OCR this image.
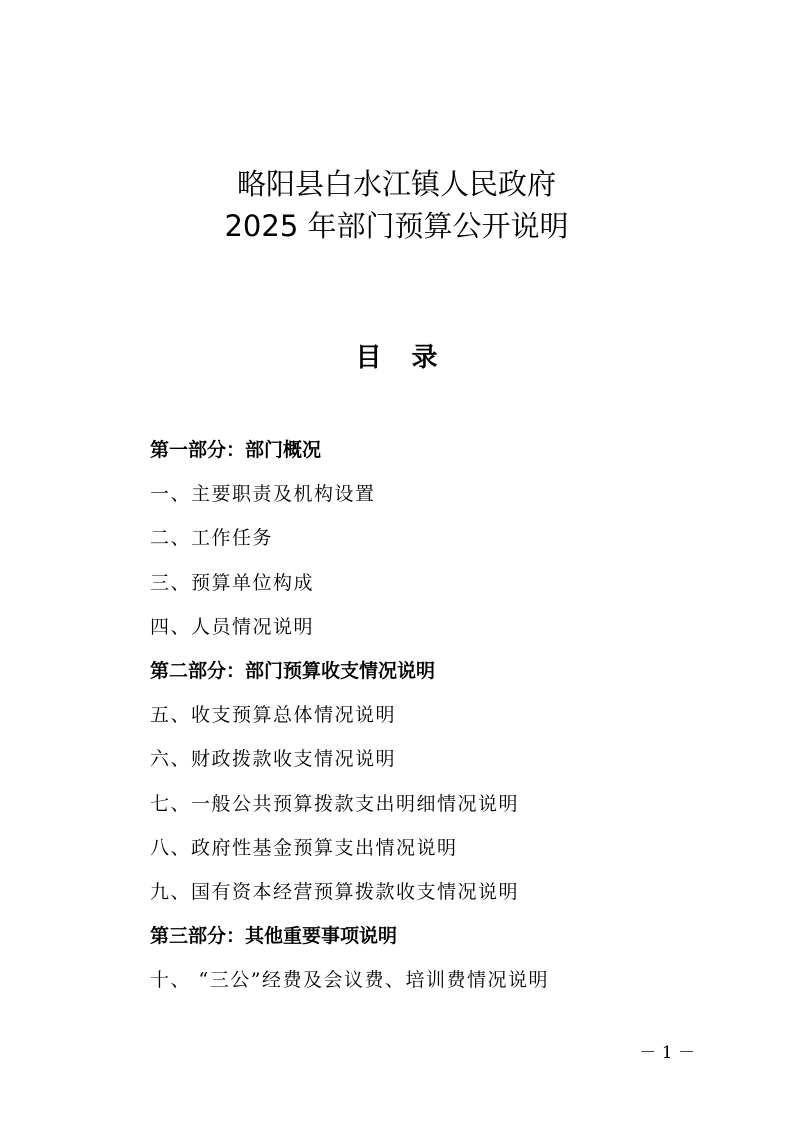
略阳县白水江镇人民政府
2025 年部门预算公开说明
目录
第一部分：部门概况
一、主要职责及机构设置
二、工作任务
三、预算单位构成
四、人员情况说明
第二部分：部门预算收支情况说明
五、收支预算总体情况说明
六、财政拨款收支情况说明
七、一般公共预算拨款支出明细情况说明
八、政府性基金预算支出情况说明
九、国有资本经营预算拨款收支情况说明
第三部分：其他重要事项说明
十、 “三公”经费及会议费、培训费情况说明
－ 1 －
